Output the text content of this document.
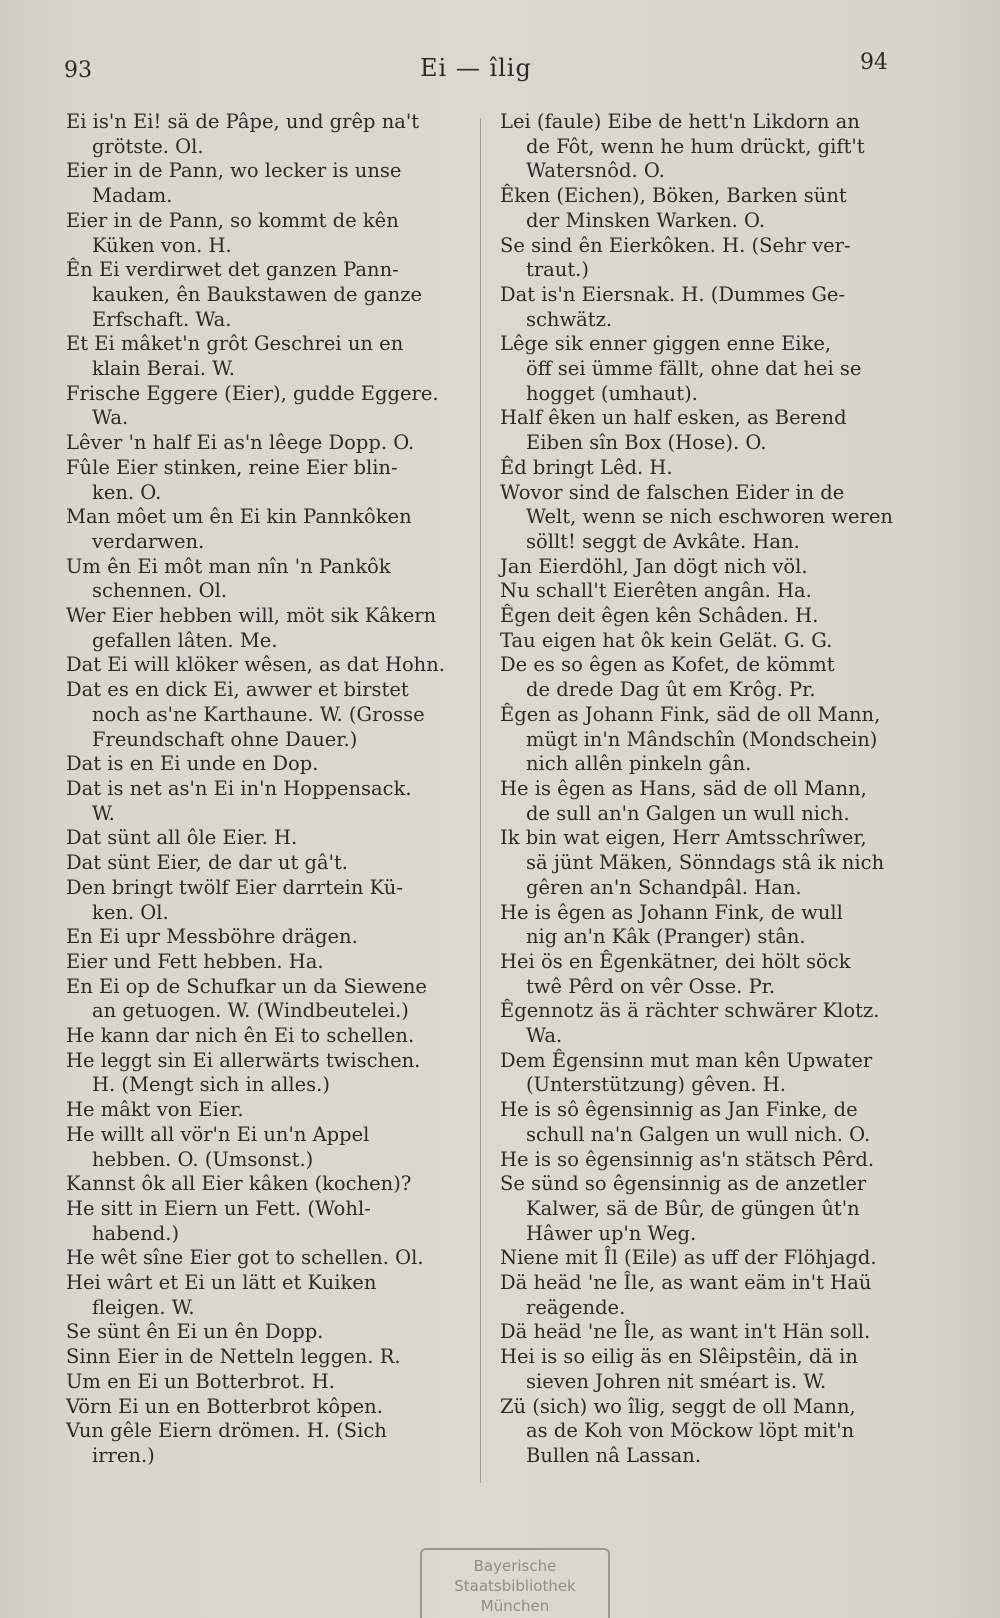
93	Ei — îlig	94

Ei is'n Ei! sä de Pâpe, und grêp na't
grötste. Ol.

Eier in de Pann, wo lecker is unse
Madam.

Eier in de Pann, so kommt de kên
Küken von. H.

Ên Ei verdirwet det ganzen Pann-
kauken, ên Baukstawen de ganze
Erfschaft. Wa.

Et Ei mâket'n grôt Geschrei un en
klain Berai. W.

Frische Eggere (Eier), gudde Eggere.
Wa.

Lêver 'n half Ei as'n lêege Dopp. O.

Fûle Eier stinken, reine Eier blin-
ken. O.

Man môet um ên Ei kin Pannkôken
verdarwen.

Um ên Ei môt man nîn 'n Pankôk
schennen. Ol.

Wer Eier hebben will, möt sik Kâkern
gefallen lâten. Me.

Dat Ei will klöker wêsen, as dat Hohn.

Dat es en dick Ei, awwer et birstet
noch as'ne Karthaune. W. (Grosse
Freundschaft ohne Dauer.)

Dat is en Ei unde en Dop.

Dat is net as'n Ei in'n Hoppensack.
W.

Dat sünt all ôle Eier. H.

Dat sünt Eier, de dar ut gâ't.

Den bringt twölf Eier darrtein Kü-
ken. Ol.

En Ei upr Messböhre drägen.

Eier und Fett hebben. Ha.

En Ei op de Schufkar un da Siewene
an getuogen. W. (Windbeutelei.)

He kann dar nich ên Ei to schellen.

He leggt sin Ei allerwärts twischen.
H. (Mengt sich in alles.)

He mâkt von Eier.

He willt all vör'n Ei un'n Appel
hebben. O. (Umsonst.)

Kannst ôk all Eier kâken (kochen)?

He sitt in Eiern un Fett. (Wohl-
habend.)

He wêt sîne Eier got to schellen. Ol.

Hei wârt et Ei un lätt et Kuiken
fleigen. W.

Se sünt ên Ei un ên Dopp.

Sinn Eier in de Netteln leggen. R.

Um en Ei un Botterbrot. H.

Vörn Ei un en Botterbrot kôpen.

Vun gêle Eiern drömen. H. (Sich
irren.)

Lei (faule) Eibe de hett'n Likdorn an
de Fôt, wenn he hum drückt, gift't
Watersnôd. O.

Êken (Eichen), Böken, Barken sünt
der Minsken Warken. O.

Se sind ên Eierkôken. H. (Sehr ver-
traut.)

Dat is'n Eiersnak. H. (Dummes Ge-
schwätz.

Lêge sik enner giggen enne Eike,
öff sei ümme fällt, ohne dat hei se
hogget (umhaut).

Half êken un half esken, as Berend
Eiben sîn Box (Hose). O.

Êd bringt Lêd. H.

Wovor sind de falschen Eider in de
Welt, wenn se nich eschworen weren
söllt! seggt de Avkâte. Han.

Jan Eierdöhl, Jan dögt nich völ.

Nu schall't Eierêten angân. Ha.

Êgen deit êgen kên Schâden. H.

Tau eigen hat ôk kein Gelät. G. G.

De es so êgen as Kofet, de kömmt
de drede Dag ût em Krôg. Pr.

Êgen as Johann Fink, säd de oll Mann,
mügt in'n Mândschîn (Mondschein)
nich allên pinkeln gân.

He is êgen as Hans, säd de oll Mann,
de sull an'n Galgen un wull nich.

Ik bin wat eigen, Herr Amtsschrîwer,
sä jünt Mäken, Sönndags stâ ik nich
gêren an'n Schandpâl. Han.

He is êgen as Johann Fink, de wull
nig an'n Kâk (Pranger) stân.

Hei ös en Êgenkätner, dei hölt söck
twê Pêrd on vêr Osse. Pr.

Êgennotz äs ä rächter schwärer Klotz.
Wa.

Dem Êgensinn mut man kên Upwater
(Unterstützung) gêven. H.

He is sô êgensinnig as Jan Finke, de
schull na'n Galgen un wull nich. O.

He is so êgensinnig as'n stätsch Pêrd.

Se sünd so êgensinnig as de anzetler
Kalwer, sä de Bûr, de güngen ût'n
Hâwer up'n Weg.

Niene mit Îl (Eile) as uff der Flöhjagd.

Dä heäd 'ne Île, as want eäm in't Haü
reägende.

Dä heäd 'ne Île, as want in't Hän soll.

Hei is so eilig äs en Slêipstêin, dä in
sieven Johren nit sméart is. W.

Zü (sich) wo îlig, seggt de oll Mann,
as de Koh von Möckow löpt mit'n
Bullen nâ Lassan.

Bayerische
Staatsbibliothek
München
